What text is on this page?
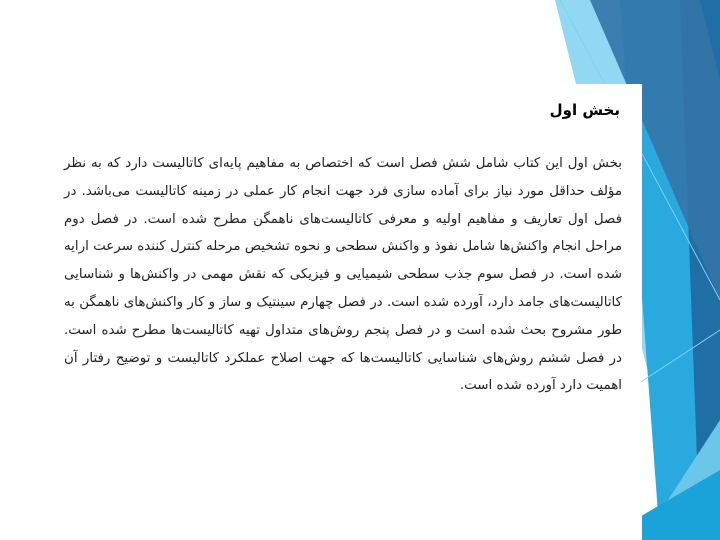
بخش اول

بخش اول این کتاب شامل شش فصل است که اختصاص به مفاهیم پایه‌ای کاتالیست دارد که به نظر مؤلف حداقل مورد نیاز برای آماده سازی فرد جهت انجام کار عملی در زمینه کاتالیست می‌باشد. در فصل اول تعاریف و مفاهیم اولیه و معرفی کاتالیست‌های ناهمگن مطرح شده است. در فصل دوم مراحل انجام واکنش‌ها شامل نفوذ و واکنش سطحی و نحوه تشخیص مرحله کنترل کننده سرعت ارایه شده است. در فصل سوم جذب سطحی شیمیایی و فیزیکی که نقش مهمی در واکنش‌ها و شناسایی کاتالیست‌های جامد دارد، آورده شده است. در فصل چهارم سینتیک و ساز و کار واکنش‌های ناهمگن به طور مشروح بحث شده است و در فصل پنجم روش‌های متداول تهیه کاتالیست‌ها مطرح شده است. در فصل ششم روش‌های شناسایی کاتالیست‌ها که جهت اصلاح عملکرد کاتالیست و توضیح رفتار آن اهمیت دارد آورده شده است.
